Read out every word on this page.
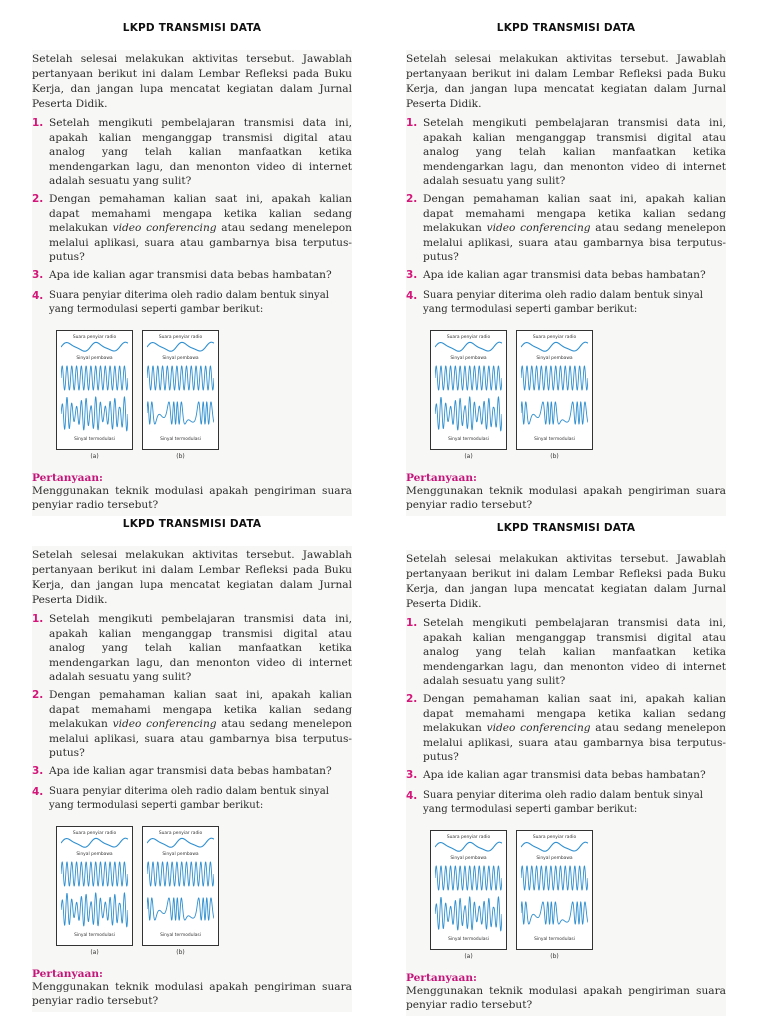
LKPD TRANSMISI DATA

Setelah selesai melakukan aktivitas tersebut. Jawablah pertanyaan berikut ini dalam Lembar Refleksi pada Buku Kerja, dan jangan lupa mencatat kegiatan dalam Jurnal Peserta Didik.

1. Setelah mengikuti pembelajaran transmisi data ini, apakah kalian menganggap transmisi digital atau analog yang telah kalian manfaatkan ketika mendengarkan lagu, dan menonton video di internet adalah sesuatu yang sulit?
2. Dengan pemahaman kalian saat ini, apakah kalian dapat memahami mengapa ketika kalian sedang melakukan video conferencing atau sedang menelepon melalui aplikasi, suara atau gambarnya bisa terputus-putus?
3. Apa ide kalian agar transmisi data bebas hambatan?
4. Suara penyiar diterima oleh radio dalam bentuk sinyal yang termodulasi seperti gambar berikut:
Suara penyiar radio
Sinyal pembawa
Sinyal termodulasi
(a)
Suara penyiar radio
Sinyal pembawa
Sinyal termodulasi
(b)
Pertanyaan:
Menggunakan teknik modulasi apakah pengiriman suara penyiar radio tersebut?
LKPD TRANSMISI DATA

Setelah selesai melakukan aktivitas tersebut. Jawablah pertanyaan berikut ini dalam Lembar Refleksi pada Buku Kerja, dan jangan lupa mencatat kegiatan dalam Jurnal Peserta Didik.

1. Setelah mengikuti pembelajaran transmisi data ini, apakah kalian menganggap transmisi digital atau analog yang telah kalian manfaatkan ketika mendengarkan lagu, dan menonton video di internet adalah sesuatu yang sulit?
2. Dengan pemahaman kalian saat ini, apakah kalian dapat memahami mengapa ketika kalian sedang melakukan video conferencing atau sedang menelepon melalui aplikasi, suara atau gambarnya bisa terputus-putus?
3. Apa ide kalian agar transmisi data bebas hambatan?
4. Suara penyiar diterima oleh radio dalam bentuk sinyal yang termodulasi seperti gambar berikut:
Suara penyiar radio
Sinyal pembawa
Sinyal termodulasi
(a)
Suara penyiar radio
Sinyal pembawa
Sinyal termodulasi
(b)
Pertanyaan:
Menggunakan teknik modulasi apakah pengiriman suara penyiar radio tersebut?
LKPD TRANSMISI DATA

Setelah selesai melakukan aktivitas tersebut. Jawablah pertanyaan berikut ini dalam Lembar Refleksi pada Buku Kerja, dan jangan lupa mencatat kegiatan dalam Jurnal Peserta Didik.

1. Setelah mengikuti pembelajaran transmisi data ini, apakah kalian menganggap transmisi digital atau analog yang telah kalian manfaatkan ketika mendengarkan lagu, dan menonton video di internet adalah sesuatu yang sulit?
2. Dengan pemahaman kalian saat ini, apakah kalian dapat memahami mengapa ketika kalian sedang melakukan video conferencing atau sedang menelepon melalui aplikasi, suara atau gambarnya bisa terputus-putus?
3. Apa ide kalian agar transmisi data bebas hambatan?
4. Suara penyiar diterima oleh radio dalam bentuk sinyal yang termodulasi seperti gambar berikut:
Suara penyiar radio
Sinyal pembawa
Sinyal termodulasi
(a)
Suara penyiar radio
Sinyal pembawa
Sinyal termodulasi
(b)
Pertanyaan:
Menggunakan teknik modulasi apakah pengiriman suara penyiar radio tersebut?
LKPD TRANSMISI DATA

Setelah selesai melakukan aktivitas tersebut. Jawablah pertanyaan berikut ini dalam Lembar Refleksi pada Buku Kerja, dan jangan lupa mencatat kegiatan dalam Jurnal Peserta Didik.

1. Setelah mengikuti pembelajaran transmisi data ini, apakah kalian menganggap transmisi digital atau analog yang telah kalian manfaatkan ketika mendengarkan lagu, dan menonton video di internet adalah sesuatu yang sulit?
2. Dengan pemahaman kalian saat ini, apakah kalian dapat memahami mengapa ketika kalian sedang melakukan video conferencing atau sedang menelepon melalui aplikasi, suara atau gambarnya bisa terputus-putus?
3. Apa ide kalian agar transmisi data bebas hambatan?
4. Suara penyiar diterima oleh radio dalam bentuk sinyal yang termodulasi seperti gambar berikut:
Suara penyiar radio
Sinyal pembawa
Sinyal termodulasi
(a)
Suara penyiar radio
Sinyal pembawa
Sinyal termodulasi
(b)
Pertanyaan:
Menggunakan teknik modulasi apakah pengiriman suara penyiar radio tersebut?
